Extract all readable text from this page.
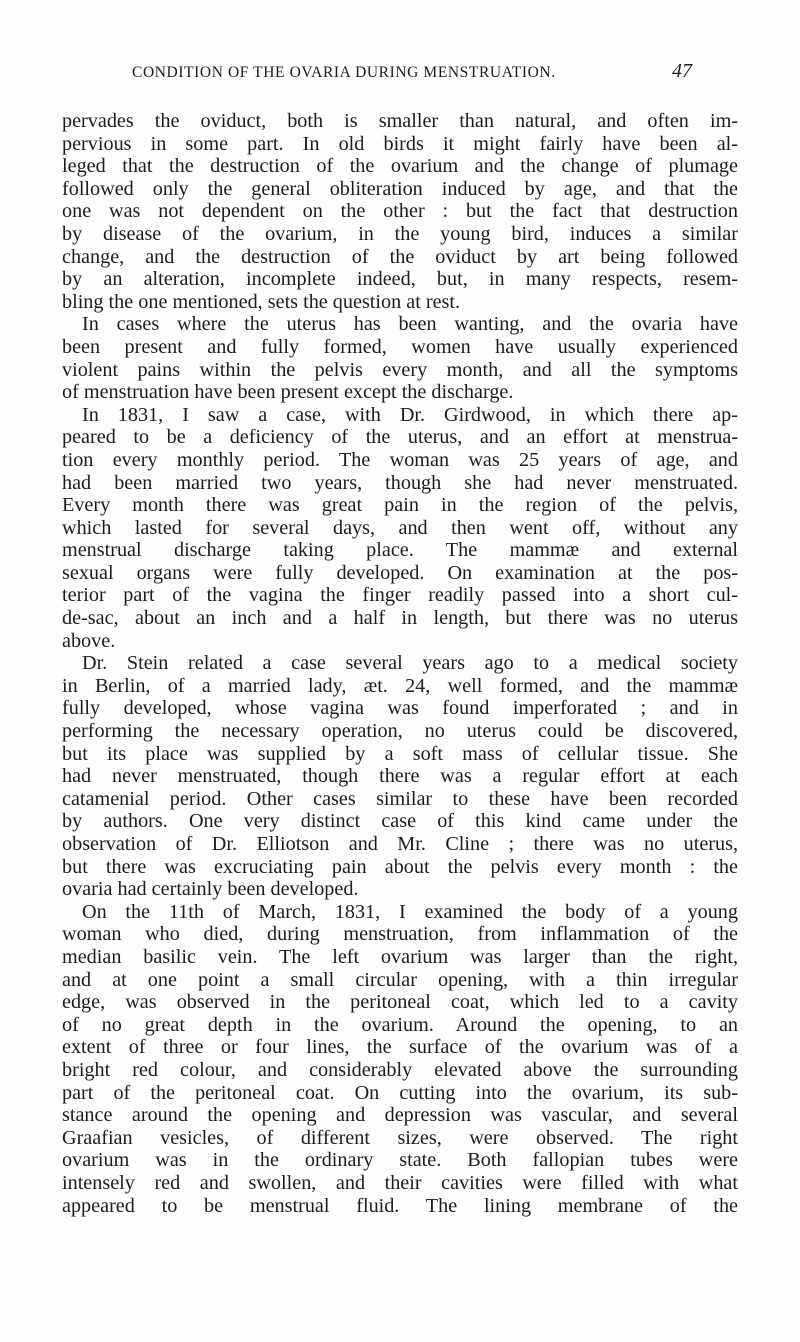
CONDITION OF THE OVARIA DURING MENSTRUATION.	47
pervades the oviduct, both is smaller than natural, and often im-
pervious in some part. In old birds it might fairly have been al-
leged that the destruction of the ovarium and the change of plumage
followed only the general obliteration induced by age, and that the
one was not dependent on the other : but the fact that destruction
by disease of the ovarium, in the young bird, induces a similar
change, and the destruction of the oviduct by art being followed
by an alteration, incomplete indeed, but, in many respects, resem-
bling the one mentioned, sets the question at rest.
In cases where the uterus has been wanting, and the ovaria have
been present and fully formed, women have usually experienced
violent pains within the pelvis every month, and all the symptoms
of menstruation have been present except the discharge.
In 1831, I saw a case, with Dr. Girdwood, in which there ap-
peared to be a deficiency of the uterus, and an effort at menstrua-
tion every monthly period. The woman was 25 years of age, and
had been married two years, though she had never menstruated.
Every month there was great pain in the region of the pelvis,
which lasted for several days, and then went off, without any
menstrual discharge taking place. The mammæ and external
sexual organs were fully developed. On examination at the pos-
terior part of the vagina the finger readily passed into a short cul-
de-sac, about an inch and a half in length, but there was no uterus
above.
Dr. Stein related a case several years ago to a medical society
in Berlin, of a married lady, æt. 24, well formed, and the mammæ
fully developed, whose vagina was found imperforated ; and in
performing the necessary operation, no uterus could be discovered,
but its place was supplied by a soft mass of cellular tissue. She
had never menstruated, though there was a regular effort at each
catamenial period. Other cases similar to these have been recorded
by authors. One very distinct case of this kind came under the
observation of Dr. Elliotson and Mr. Cline ; there was no uterus,
but there was excruciating pain about the pelvis every month : the
ovaria had certainly been developed.
On the 11th of March, 1831, I examined the body of a young
woman who died, during menstruation, from inflammation of the
median basilic vein. The left ovarium was larger than the right,
and at one point a small circular opening, with a thin irregular
edge, was observed in the peritoneal coat, which led to a cavity
of no great depth in the ovarium. Around the opening, to an
extent of three or four lines, the surface of the ovarium was of a
bright red colour, and considerably elevated above the surrounding
part of the peritoneal coat. On cutting into the ovarium, its sub-
stance around the opening and depression was vascular, and several
Graafian vesicles, of different sizes, were observed. The right
ovarium was in the ordinary state. Both fallopian tubes were
intensely red and swollen, and their cavities were filled with what
appeared to be menstrual fluid. The lining membrane of the
